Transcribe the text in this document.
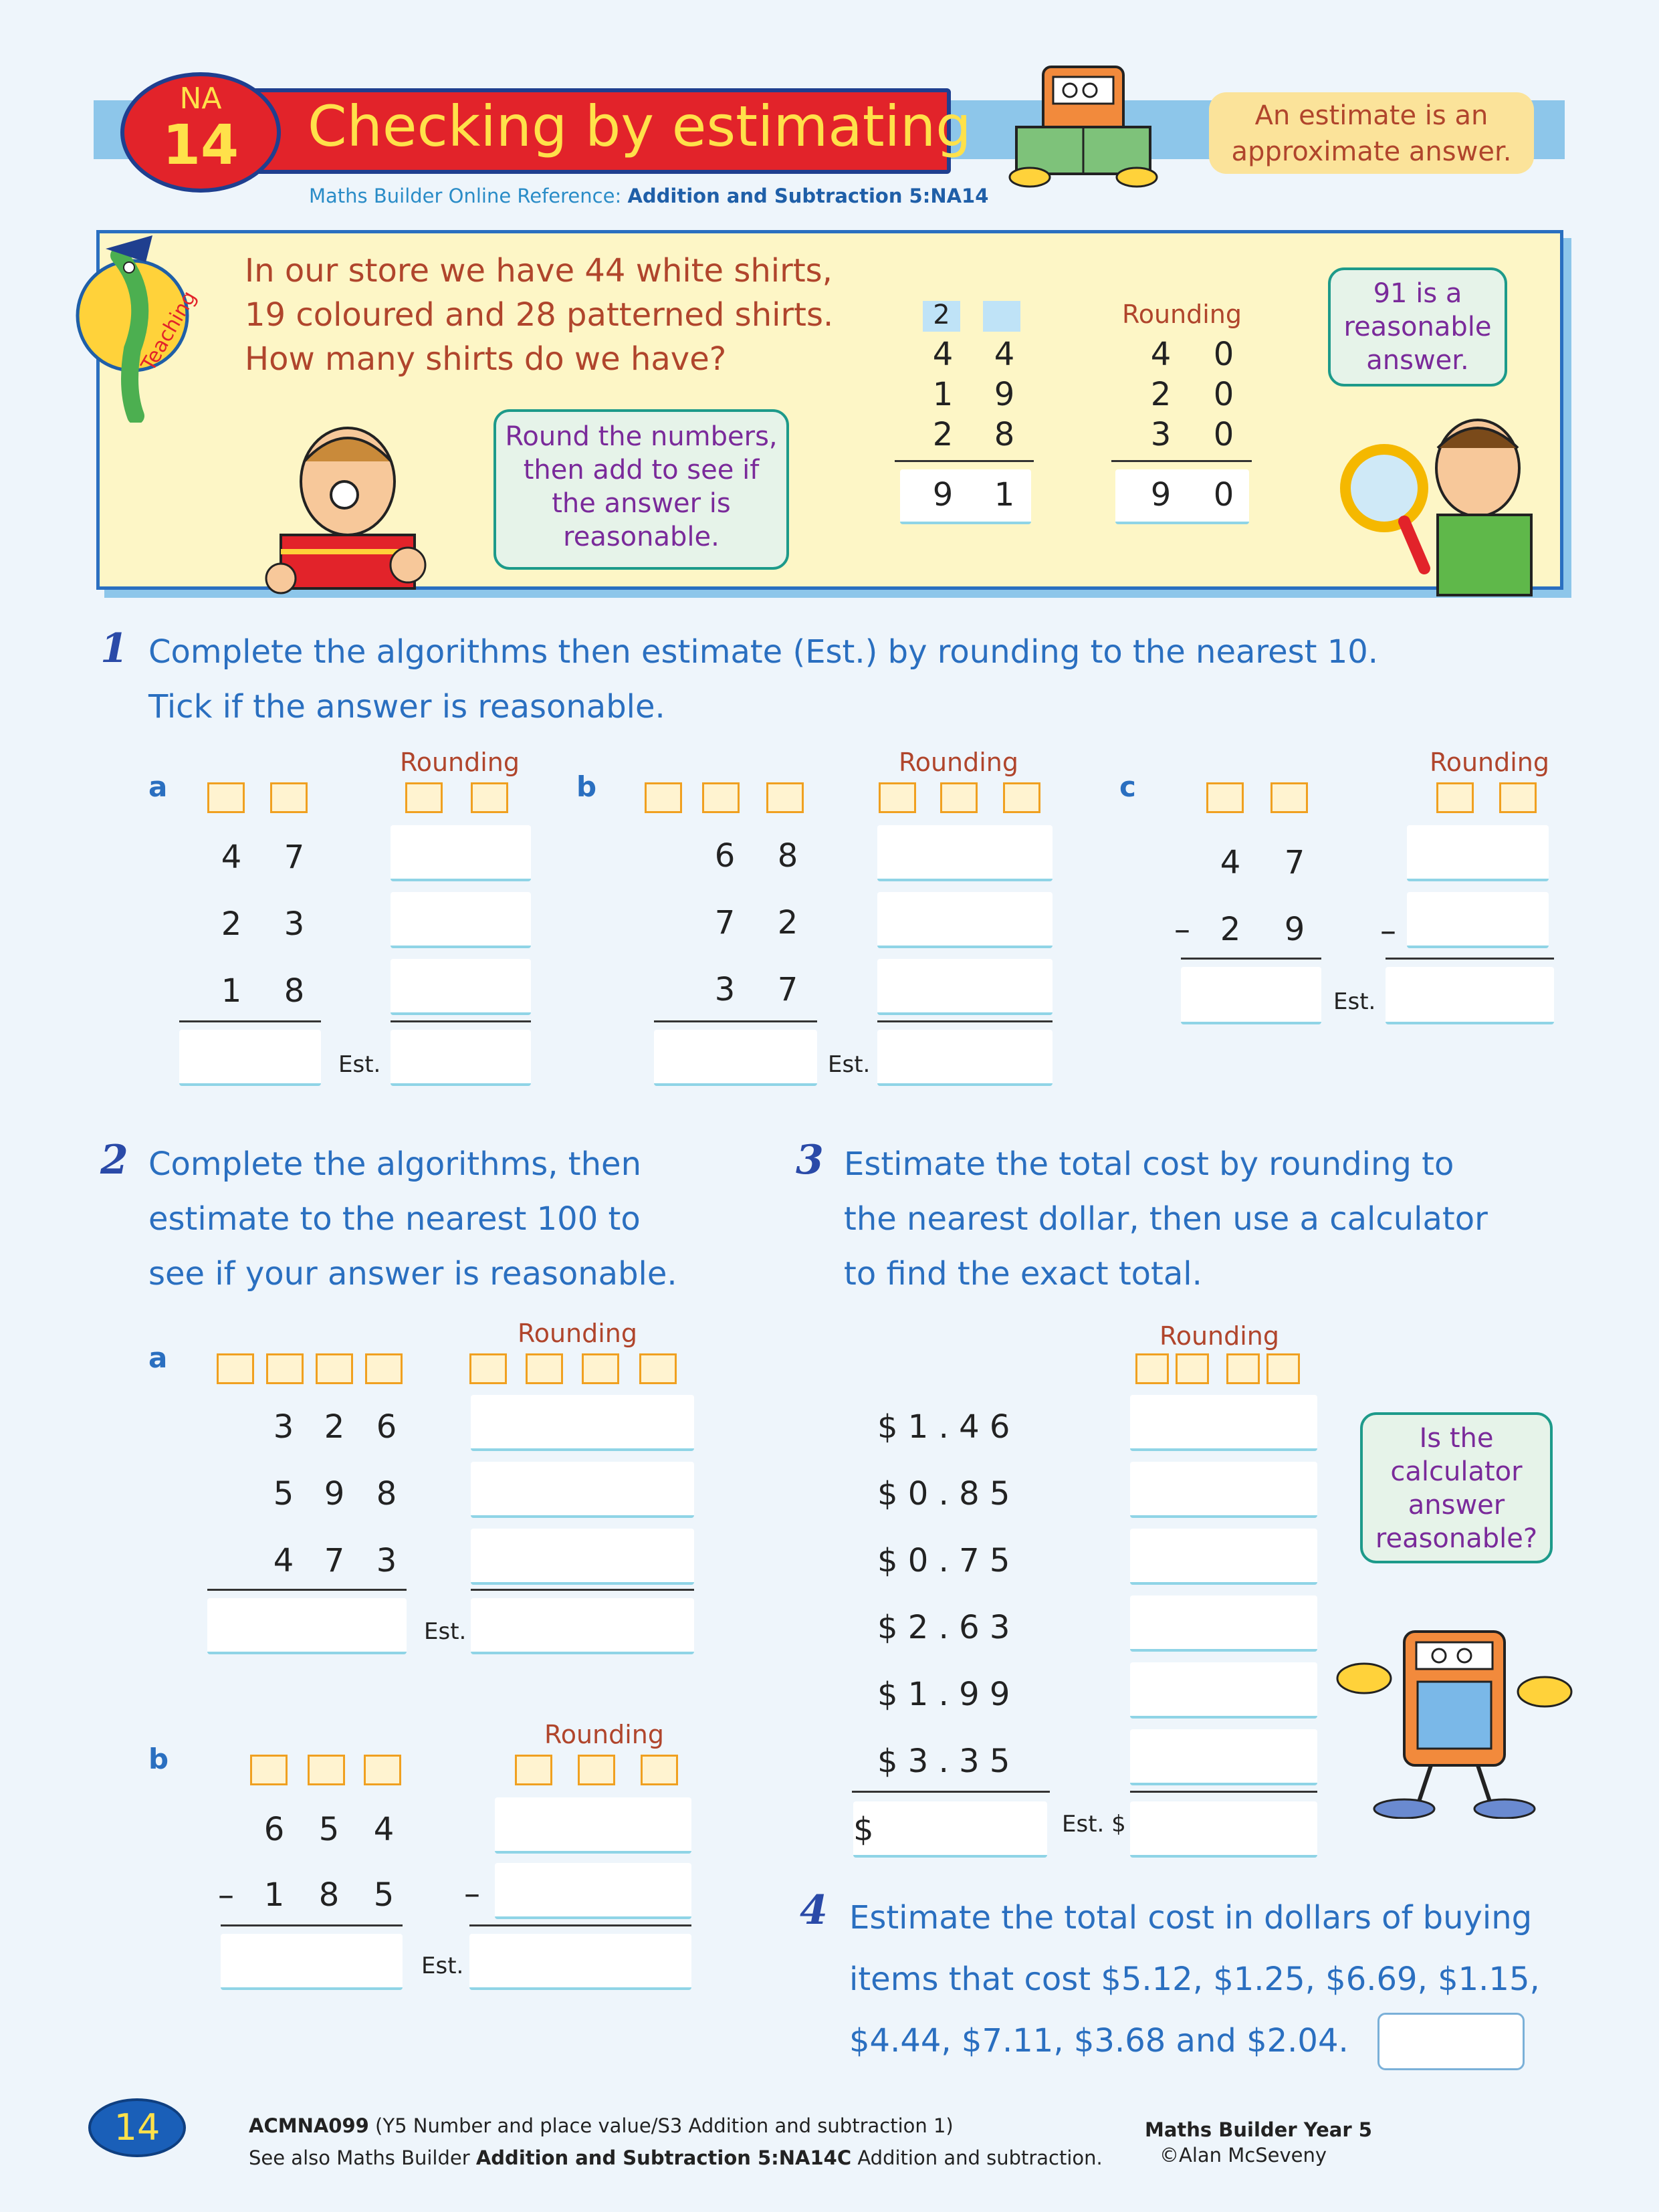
Checking by estimating
NA
14
Maths Builder Online Reference: Addition and Subtraction 5:NA14
An estimate is an
approximate answer.
Teaching
In our store we have 44 white shirts,
19 coloured and 28 patterned shirts.
How many shirts do we have?
Round the numbers,
then add to see if
the answer is
reasonable.
2
4	4
1	9
2	8
9	1
Rounding
4	0
2	0
3	0
9	0
91 is a
reasonable
answer.
1 Complete the algorithms then estimate (Est.) by rounding to the nearest 10.
Tick if the answer is reasonable.
a
Rounding
4	7
2	3
1	8
Est.
b
Rounding
6	8
7	2
3	7
Est.
c
Rounding
4	7
– 2	9
Est.
–
2 Complete the algorithms, then
estimate to the nearest 100 to
see if your answer is reasonable.
a
Rounding
3 2 6
5 9 8
4 7 3
Est.
b
Rounding
6	5	4
– 1	8	5
Est.
–
3 Estimate the total cost by rounding to
the nearest dollar, then use a calculator
to find the exact total.
Rounding
$ 1 . 4 6
$ 0 . 8 5
$ 0 . 7 5
$ 2 . 6 3
$ 1 . 9 9
$ 3 . 3 5
$	Est. $
Is the
calculator
answer
reasonable?
4 Estimate the total cost in dollars of buying
items that cost $5.12, $1.25, $6.69, $1.15,
$4.44, $7.11, $3.68 and $2.04.
14	ACMNA099 (Y5 Number and place value/S3 Addition and subtraction 1)
See also Maths Builder Addition and Subtraction 5:NA14C Addition and subtraction.
Maths Builder Year 5
©Alan McSeveny
